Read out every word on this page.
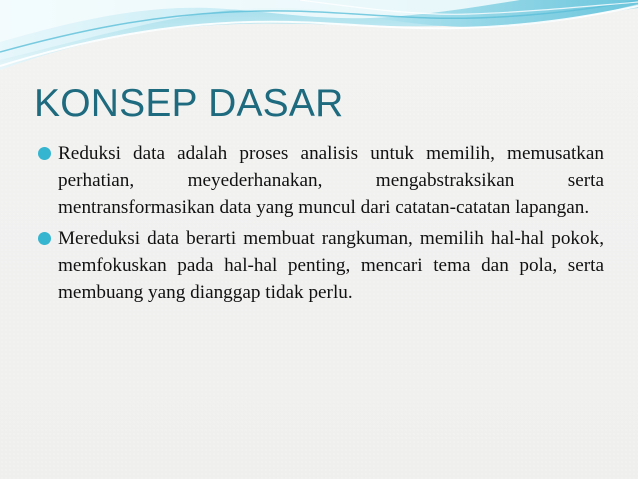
KONSEP DASAR
Reduksi data adalah proses analisis untuk memilih, memusatkan perhatian, meyederhanakan, mengabstraksikan serta mentransformasikan data yang muncul dari catatan-catatan lapangan.
Mereduksi data berarti membuat rangkuman, memilih hal-hal pokok, memfokuskan pada hal-hal penting, mencari tema dan pola, serta membuang yang dianggap tidak perlu.
